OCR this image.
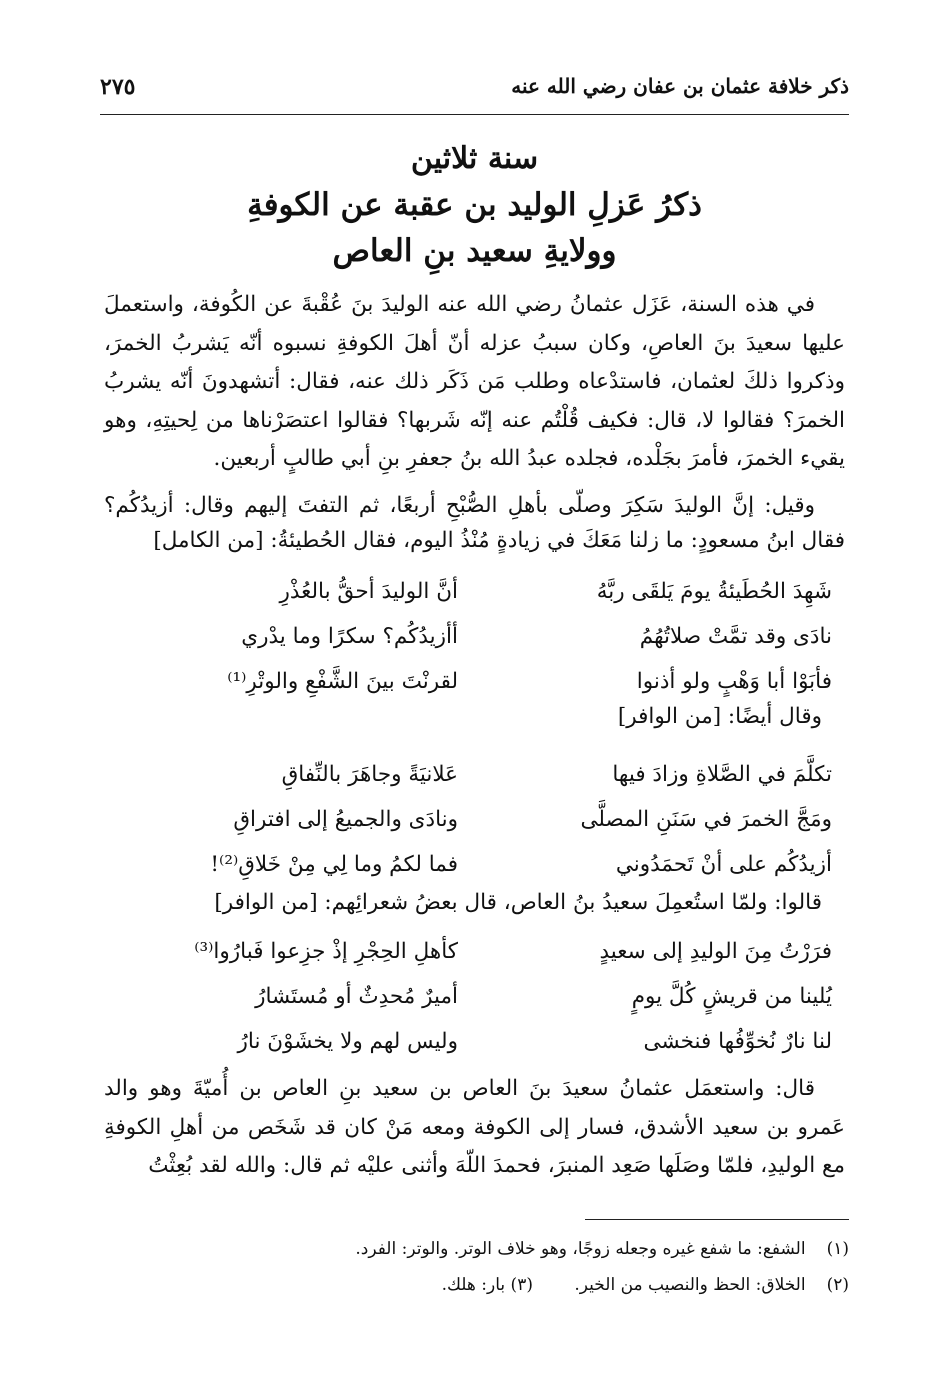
ذكر خلافة عثمان بن عفان رضي الله عنه
٢٧٥
سنة ثلاثين
ذكرُ عَزلِ الوليد بن عقبة عن الكوفةِ
وولايةِ سعيد بنِ العاص

في هذه السنة، عَزَل عثمانُ رضي الله عنه الوليدَ بنَ عُقْبةَ عن الكُوفة، واستعملَ عليها سعيدَ بنَ العاصِ، وكان سببُ عزله أنّ أهلَ الكوفةِ نسبوه أنّه يَشربُ الخمرَ، وذكروا ذلكَ لعثمان، فاستدْعاه وطلب مَن ذَكَر ذلك عنه، فقال: أتشهدونَ أنّه يشربُ الخمرَ؟ فقالوا لا، قال: فكيف قُلْتُم عنه إنّه شَربها؟ فقالوا اعتصَرْناها من لِحيتِهِ، وهو يقيء الخمرَ، فأمرَ بجَلْده، فجلده عبدُ الله بنُ جعفرِ بنِ أبي طالبٍ أربعين.

وقيل: إنَّ الوليدَ سَكِرَ وصلّى بأهلِ الصُّبْحِ أربعًا، ثم التفتَ إليهم وقال: أزيدُكُم؟ فقال ابنُ مسعودٍ: ما زلنا مَعَكَ في زيادةٍ مُنْذُ اليوم، فقال الحُطيئةُ: [من الكامل]

شَهِدَ الحُطَيئةُ يومَ يَلقَى ربَّهُ
أنَّ الوليدَ أحقُّ بالعُذْرِ
نادَى وقد تمَّتْ صلاتُهُمُ
أأزيدُكُم؟ سكرًا وما يدْري
فأبَوْا أبا وَهْبٍ ولو أذنوا
لقرنْتَ بينَ الشَّفْعِ والوتْرِ⁽¹⁾
وقال أيضًا: [من الوافر]
تكلَّمَ في الصَّلاةِ وزادَ فيها
عَلانيَةً وجاهَرَ بالنِّفاقِ
ومَجَّ الخمرَ في سَنَنِ المصلَّى
ونادَى والجميعُ إلى افتراقِ
أزيدُكُم على أنْ تَحمَدُوني
فما لكمُ وما لِي مِنْ خَلاقِ⁽²⁾!
قالوا: ولمّا استُعمِلَ سعيدُ بنُ العاص، قال بعضُ شعرائِهم: [من الوافر]
فرَرْتُ مِنَ الوليدِ إلى سعيدٍ
كأهلِ الحِجْرِ إذْ جزِعوا فَبارُوا⁽³⁾
يُلينا من قريشٍ كُلَّ يومٍ
أميرٌ مُحدِثٌ أو مُستَشارُ
لنا نارٌ نُخوِّفُها فنخشى
وليس لهم ولا يخشَوْنَ نارُ

قال: واستعمَل عثمانُ سعيدَ بنَ العاص بن سعيد بنِ العاص بن أُميّةَ وهو والد عَمرو بن سعيد الأشدق، فسار إلى الكوفة ومعه مَنْ كان قد شَخَص من أهلِ الكوفةِ مع الوليدِ، فلمّا وصَلَها صَعِد المنبرَ، فحمدَ اللّهَ وأثنى عليْه ثم قال: والله لقد بُعِثْتُ

(١) الشفع: ما شفع غيره وجعله زوجًا، وهو خلاف الوتر. والوتر: الفرد.
(٢) الخلاق: الحظ والنصيب من الخير. (٣) بار: هلك.
